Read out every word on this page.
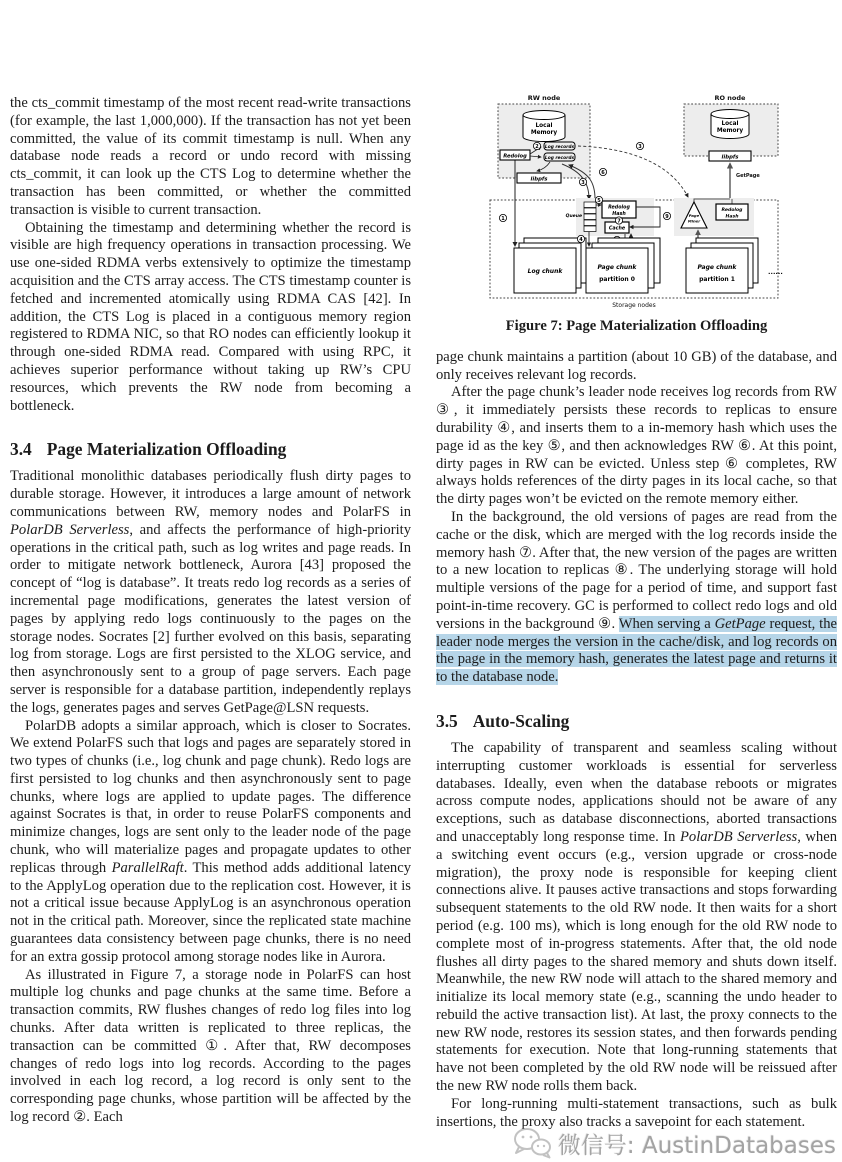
the cts_commit timestamp of the most recent read-write transactions (for example, the last 1,000,000). If the transaction has not yet been committed, the value of its commit timestamp is null. When any database node reads a record or undo record with missing cts_commit, it can look up the CTS Log to determine whether the transaction has been committed, or whether the committed transaction is visible to current transaction.

Obtaining the timestamp and determining whether the record is visible are high frequency operations in transaction processing. We use one-sided RDMA verbs extensively to optimize the timestamp acquisition and the CTS array access. The CTS timestamp counter is fetched and incremented atomically using RDMA CAS [42]. In addition, the CTS Log is placed in a contiguous memory region registered to RDMA NIC, so that RO nodes can efficiently lookup it through one-sided RDMA read. Compared with using RPC, it achieves superior performance without taking up RW’s CPU resources, which prevents the RW node from becoming a bottleneck.

3.4 Page Materialization Offloading

Traditional monolithic databases periodically flush dirty pages to durable storage. However, it introduces a large amount of network communications between RW, memory nodes and PolarFS in PolarDB Serverless, and affects the performance of high-priority operations in the critical path, such as log writes and page reads. In order to mitigate network bottleneck, Aurora [43] proposed the concept of “log is database”. It treats redo log records as a series of incremental page modifications, generates the latest version of pages by applying redo logs continuously to the pages on the storage nodes. Socrates [2] further evolved on this basis, separating log from storage. Logs are first persisted to the XLOG service, and then asynchronously sent to a group of page servers. Each page server is responsible for a database partition, independently replays the logs, generates pages and serves GetPage@LSN requests.

PolarDB adopts a similar approach, which is closer to Socrates. We extend PolarFS such that logs and pages are separately stored in two types of chunks (i.e., log chunk and page chunk). Redo logs are first persisted to log chunks and then asynchronously sent to page chunks, where logs are applied to update pages. The difference against Socrates is that, in order to reuse PolarFS components and minimize changes, logs are sent only to the leader node of the page chunk, who will materialize pages and propagate updates to other replicas through ParallelRaft. This method adds additional latency to the ApplyLog operation due to the replication cost. However, it is not a critical issue because ApplyLog is an asynchronous operation not in the critical path. Moreover, since the replicated state machine guarantees data consistency between page chunks, there is no need for an extra gossip protocol among storage nodes like in Aurora.

As illustrated in Figure 7, a storage node in PolarFS can host multiple log chunks and page chunks at the same time. Before a transaction commits, RW flushes changes of redo log files into log chunks. After data written is replicated to three replicas, the transaction can be committed ①. After that, RW decomposes changes of redo logs into log records. According to the pages involved in each log record, a log record is only sent to the corresponding page chunks, whose partition will be affected by the log record ②. Each

RW node
Local
Memory
Redolog
Log records
Log records
2
libpfs
RO node
Local
Memory
libpfs
GetPage
3
3
6
Storage nodes
1
Log chunk
Queue
Redolog
Hash
Cache
5
7
4
9
Page chunk
partition 0
Page
Miner
Redolog
Hash
Page chunk
partition 1
......
Figure 7: Page Materialization Offloading

page chunk maintains a partition (about 10 GB) of the database, and only receives relevant log records.

After the page chunk’s leader node receives log records from RW ③, it immediately persists these records to replicas to ensure durability ④, and inserts them to a in-memory hash which uses the page id as the key ⑤, and then acknowledges RW ⑥. At this point, dirty pages in RW can be evicted. Unless step ⑥ completes, RW always holds references of the dirty pages in its local cache, so that the dirty pages won’t be evicted on the remote memory either.

In the background, the old versions of pages are read from the cache or the disk, which are merged with the log records inside the memory hash ⑦. After that, the new version of the pages are written to a new location to replicas ⑧. The underlying storage will hold multiple versions of the page for a period of time, and support fast point-in-time recovery. GC is performed to collect redo logs and old versions in the background ⑨. When serving a GetPage request, the leader node merges the version in the cache/disk, and log records on the page in the memory hash, generates the latest page and returns it to the database node.

3.5 Auto-Scaling

The capability of transparent and seamless scaling without interrupting customer workloads is essential for serverless databases. Ideally, even when the database reboots or migrates across compute nodes, applications should not be aware of any exceptions, such as database disconnections, aborted transactions and unacceptably long response time. In PolarDB Serverless, when a switching event occurs (e.g., version upgrade or cross-node migration), the proxy node is responsible for keeping client connections alive. It pauses active transactions and stops forwarding subsequent statements to the old RW node. It then waits for a short period (e.g. 100 ms), which is long enough for the old RW node to complete most of in-progress statements. After that, the old node flushes all dirty pages to the shared memory and shuts down itself. Meanwhile, the new RW node will attach to the shared memory and initialize its local memory state (e.g., scanning the undo header to rebuild the active transaction list). At last, the proxy connects to the new RW node, restores its session states, and then forwards pending statements for execution. Note that long-running statements that have not been completed by the old RW node will be reissued after the new RW node rolls them back.

For long-running multi-statement transactions, such as bulk insertions, the proxy also tracks a savepoint for each statement.

微信号: AustinDatabases
